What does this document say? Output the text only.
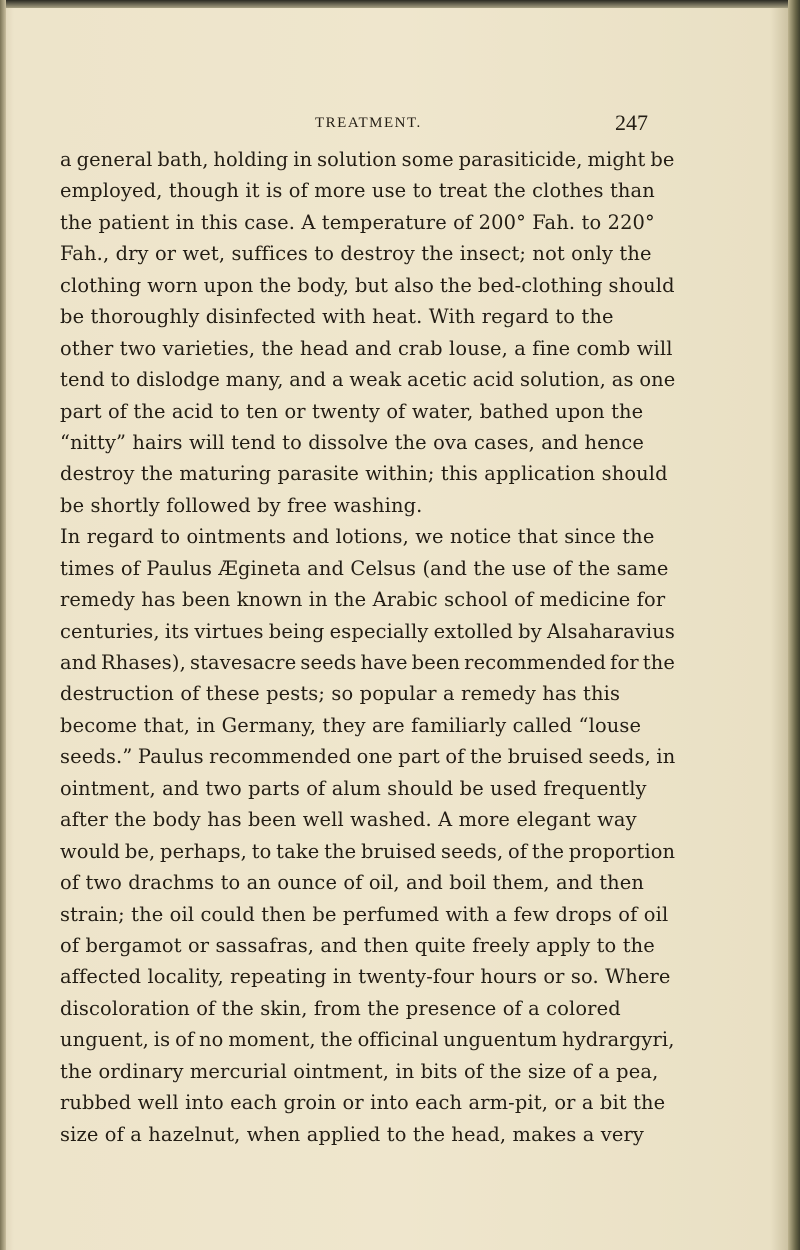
TREATMENT.	247
a general bath, holding in solution some parasiticide, might be
employed, though it is of more use to treat the clothes than
the patient in this case. A temperature of 200° Fah. to 220°
Fah., dry or wet, suffices to destroy the insect; not only the
clothing worn upon the body, but also the bed-clothing should
be thoroughly disinfected with heat. With regard to the
other two varieties, the head and crab louse, a fine comb will
tend to dislodge many, and a weak acetic acid solution, as one
part of the acid to ten or twenty of water, bathed upon the
“nitty” hairs will tend to dissolve the ova cases, and hence
destroy the maturing parasite within; this application should
be shortly followed by free washing.
In regard to ointments and lotions, we notice that since the
times of Paulus Ægineta and Celsus (and the use of the same
remedy has been known in the Arabic school of medicine for
centuries, its virtues being especially extolled by Alsaharavius
and Rhases), stavesacre seeds have been recommended for the
destruction of these pests; so popular a remedy has this
become that, in Germany, they are familiarly called “louse
seeds.” Paulus recommended one part of the bruised seeds, in
ointment, and two parts of alum should be used frequently
after the body has been well washed. A more elegant way
would be, perhaps, to take the bruised seeds, of the proportion
of two drachms to an ounce of oil, and boil them, and then
strain; the oil could then be perfumed with a few drops of oil
of bergamot or sassafras, and then quite freely apply to the
affected locality, repeating in twenty-four hours or so. Where
discoloration of the skin, from the presence of a colored
unguent, is of no moment, the officinal unguentum hydrargyri,
the ordinary mercurial ointment, in bits of the size of a pea,
rubbed well into each groin or into each arm-pit, or a bit the
size of a hazelnut, when applied to the head, makes a very
